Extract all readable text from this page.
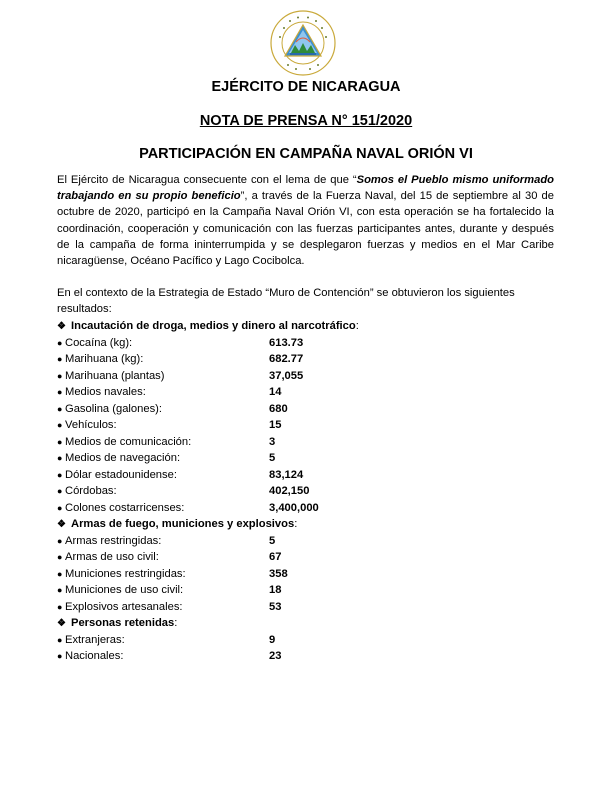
EJÉRCITO DE NICARAGUA
NOTA DE PRENSA N° 151/2020
PARTICIPACIÓN EN CAMPAÑA NAVAL ORIÓN VI

El Ejército de Nicaragua consecuente con el lema de que “Somos el Pueblo mismo uniformado trabajando en su propio beneficio”, a través de la Fuerza Naval, del 15 de septiembre al 30 de octubre de 2020, participó en la Campaña Naval Orión VI, con esta operación se ha fortalecido la coordinación, cooperación y comunicación con las fuerzas participantes antes, durante y después de la campaña de forma ininterrumpida y se desplegaron fuerzas y medios en el Mar Caribe nicaragüense, Océano Pacífico y Lago Cocibolca.

En el contexto de la Estrategia de Estado “Muro de Contención” se obtuvieron los siguientes resultados:

❖ Incautación de droga, medios y dinero al narcotráfico:
● Cocaína (kg):	613.73
● Marihuana (kg):	682.77
● Marihuana (plantas)	37,055
● Medios navales:	14
● Gasolina (galones):	680
● Vehículos:	15
● Medios de comunicación:	3
● Medios de navegación:	5
● Dólar estadounidense:	83,124
● Córdobas:	402,150
● Colones costarricenses:	3,400,000
❖ Armas de fuego, municiones y explosivos:
● Armas restringidas:	5
● Armas de uso civil:	67
● Municiones restringidas:	358
● Municiones de uso civil:	18
● Explosivos artesanales:	53
❖ Personas retenidas:
● Extranjeras:	9
● Nacionales:	23
